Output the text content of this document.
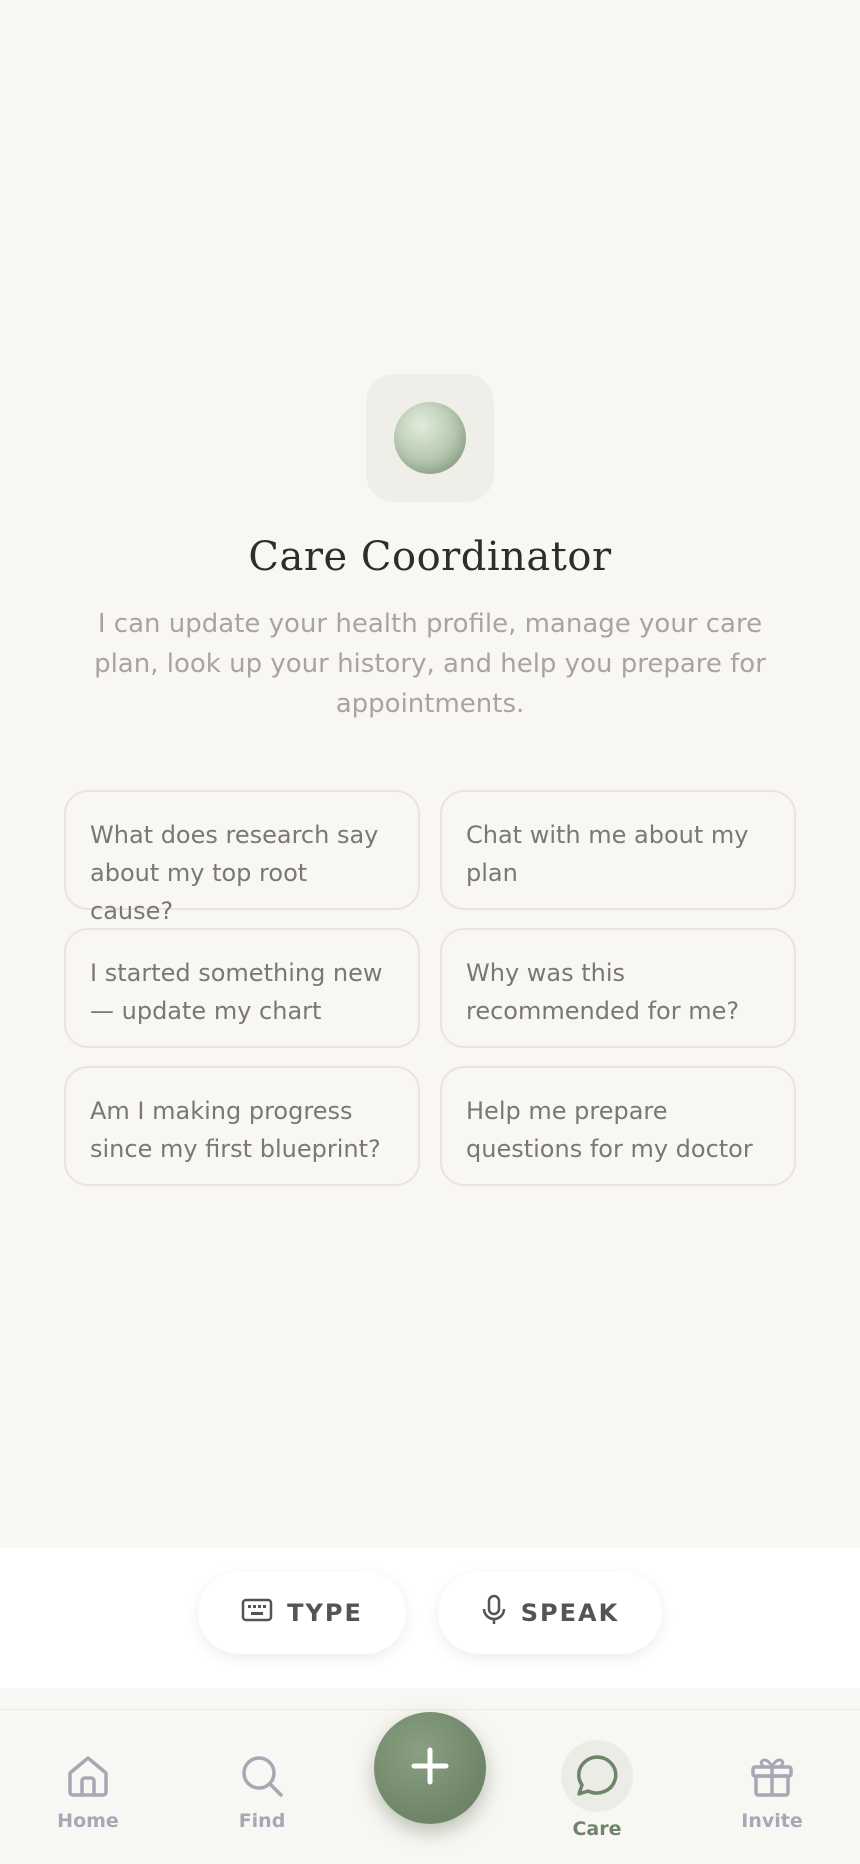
Care Coordinator
I can update your health profile, manage your care plan, look up your history, and help you prepare for appointments.
What does research say about my top root cause?
Chat with me about my plan
I started something new — update my chart
Why was this recommended for me?
Am I making progress since my first blueprint?
Help me prepare questions for my doctor
TYPE	SPEAK
Home	Find	Care	Invite
